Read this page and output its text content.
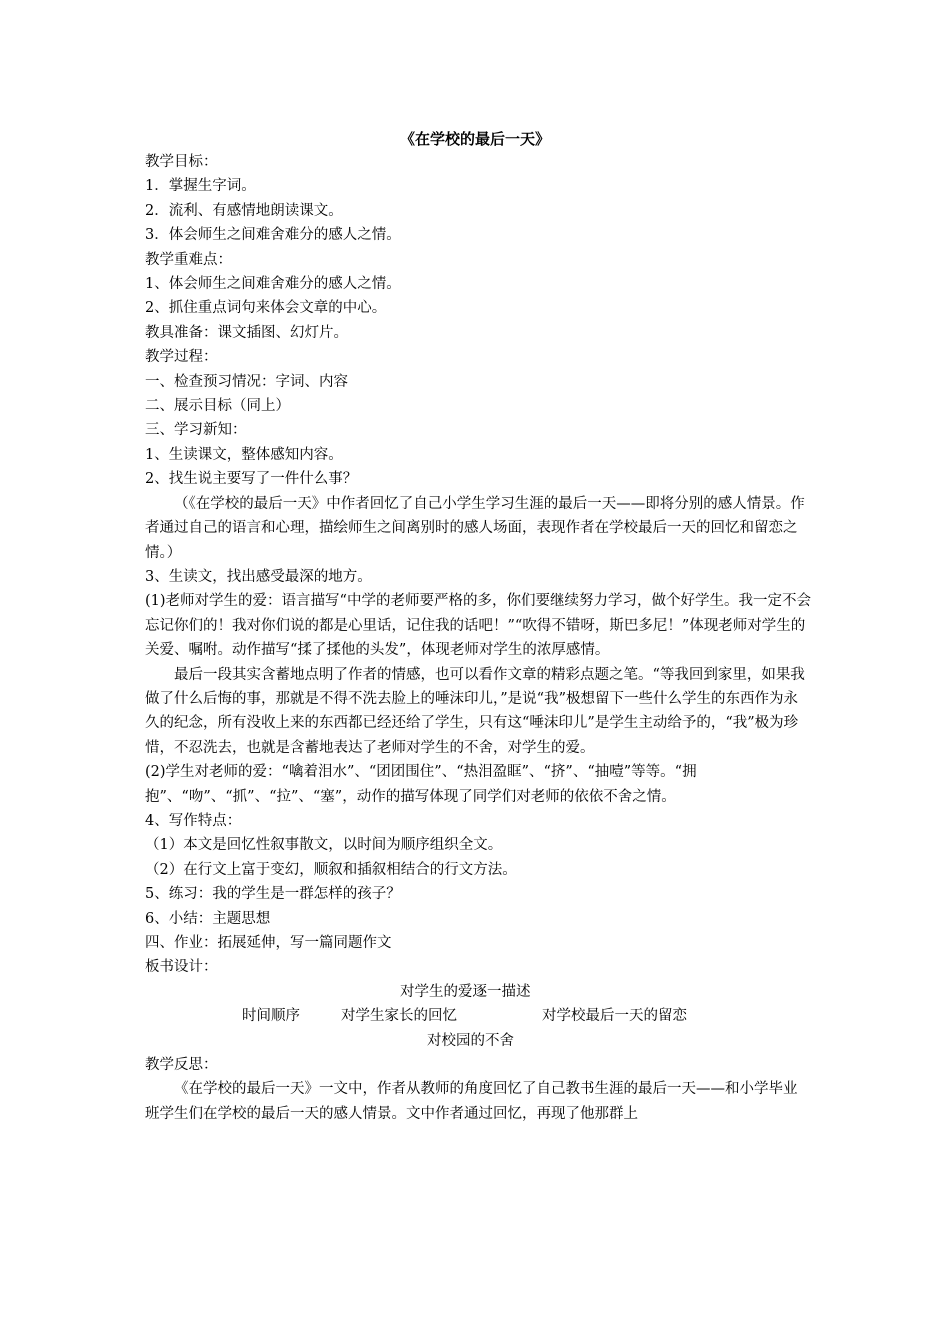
《在学校的最后一天》

教学目标：

1．掌握生字词。

2．流利、有感情地朗读课文。

3．体会师生之间难舍难分的感人之情。

教学重难点：

1、体会师生之间难舍难分的感人之情。

2、抓住重点词句来体会文章的中心。

教具准备：课文插图、幻灯片。

教学过程：

一、检查预习情况：字词、内容

二、展示目标（同上）

三、学习新知：

1、生读课文，整体感知内容。

2、找生说主要写了一件什么事？

（《在学校的最后一天》中作者回忆了自己小学生学习生涯的最后一天——即将分别的感人情景。作者通过自己的语言和心理，描绘师生之间离别时的感人场面，表现作者在学校最后一天的回忆和留恋之情。）

3、生读文，找出感受最深的地方。

(1)老师对学生的爱：语言描写“中学的老师要严格的多，你们要继续努力学习，做个好学生。我一定不会忘记你们的！我对你们说的都是心里话，记住我的话吧！”“吹得不错呀，斯巴多尼！”体现老师对学生的关爱、嘱咐。动作描写“揉了揉他的头发”，体现老师对学生的浓厚感情。

最后一段其实含蓄地点明了作者的情感，也可以看作文章的精彩点题之笔。“等我回到家里，如果我做了什么后悔的事，那就是不得不洗去脸上的唾沫印儿，”是说“我”极想留下一些什么学生的东西作为永久的纪念，所有没收上来的东西都已经还给了学生，只有这“唾沫印儿”是学生主动给予的，“我”极为珍惜，不忍洗去，也就是含蓄地表达了老师对学生的不舍，对学生的爱。

(2)学生对老师的爱：“噙着泪水”、“团团围住”、“热泪盈眶”、“挤”、“抽噎”等等。“拥抱”、“吻”、“抓”、“拉”、“塞”，动作的描写体现了同学们对老师的依依不舍之情。

4、写作特点：

（1）本文是回忆性叙事散文，以时间为顺序组织全文。

（2）在行文上富于变幻，顺叙和插叙相结合的行文方法。

5、练习：我的学生是一群怎样的孩子？

6、小结：主题思想

四、作业：拓展延伸，写一篇同题作文

板书设计：

对学生的爱逐一描述
时间顺序	对学生家长的回忆	对学校最后一天的留恋
对校园的不舍

教学反思：

《在学校的最后一天》一文中，作者从教师的角度回忆了自己教书生涯的最后一天——和小学毕业班学生们在学校的最后一天的感人情景。文中作者通过回忆，再现了他那群上
